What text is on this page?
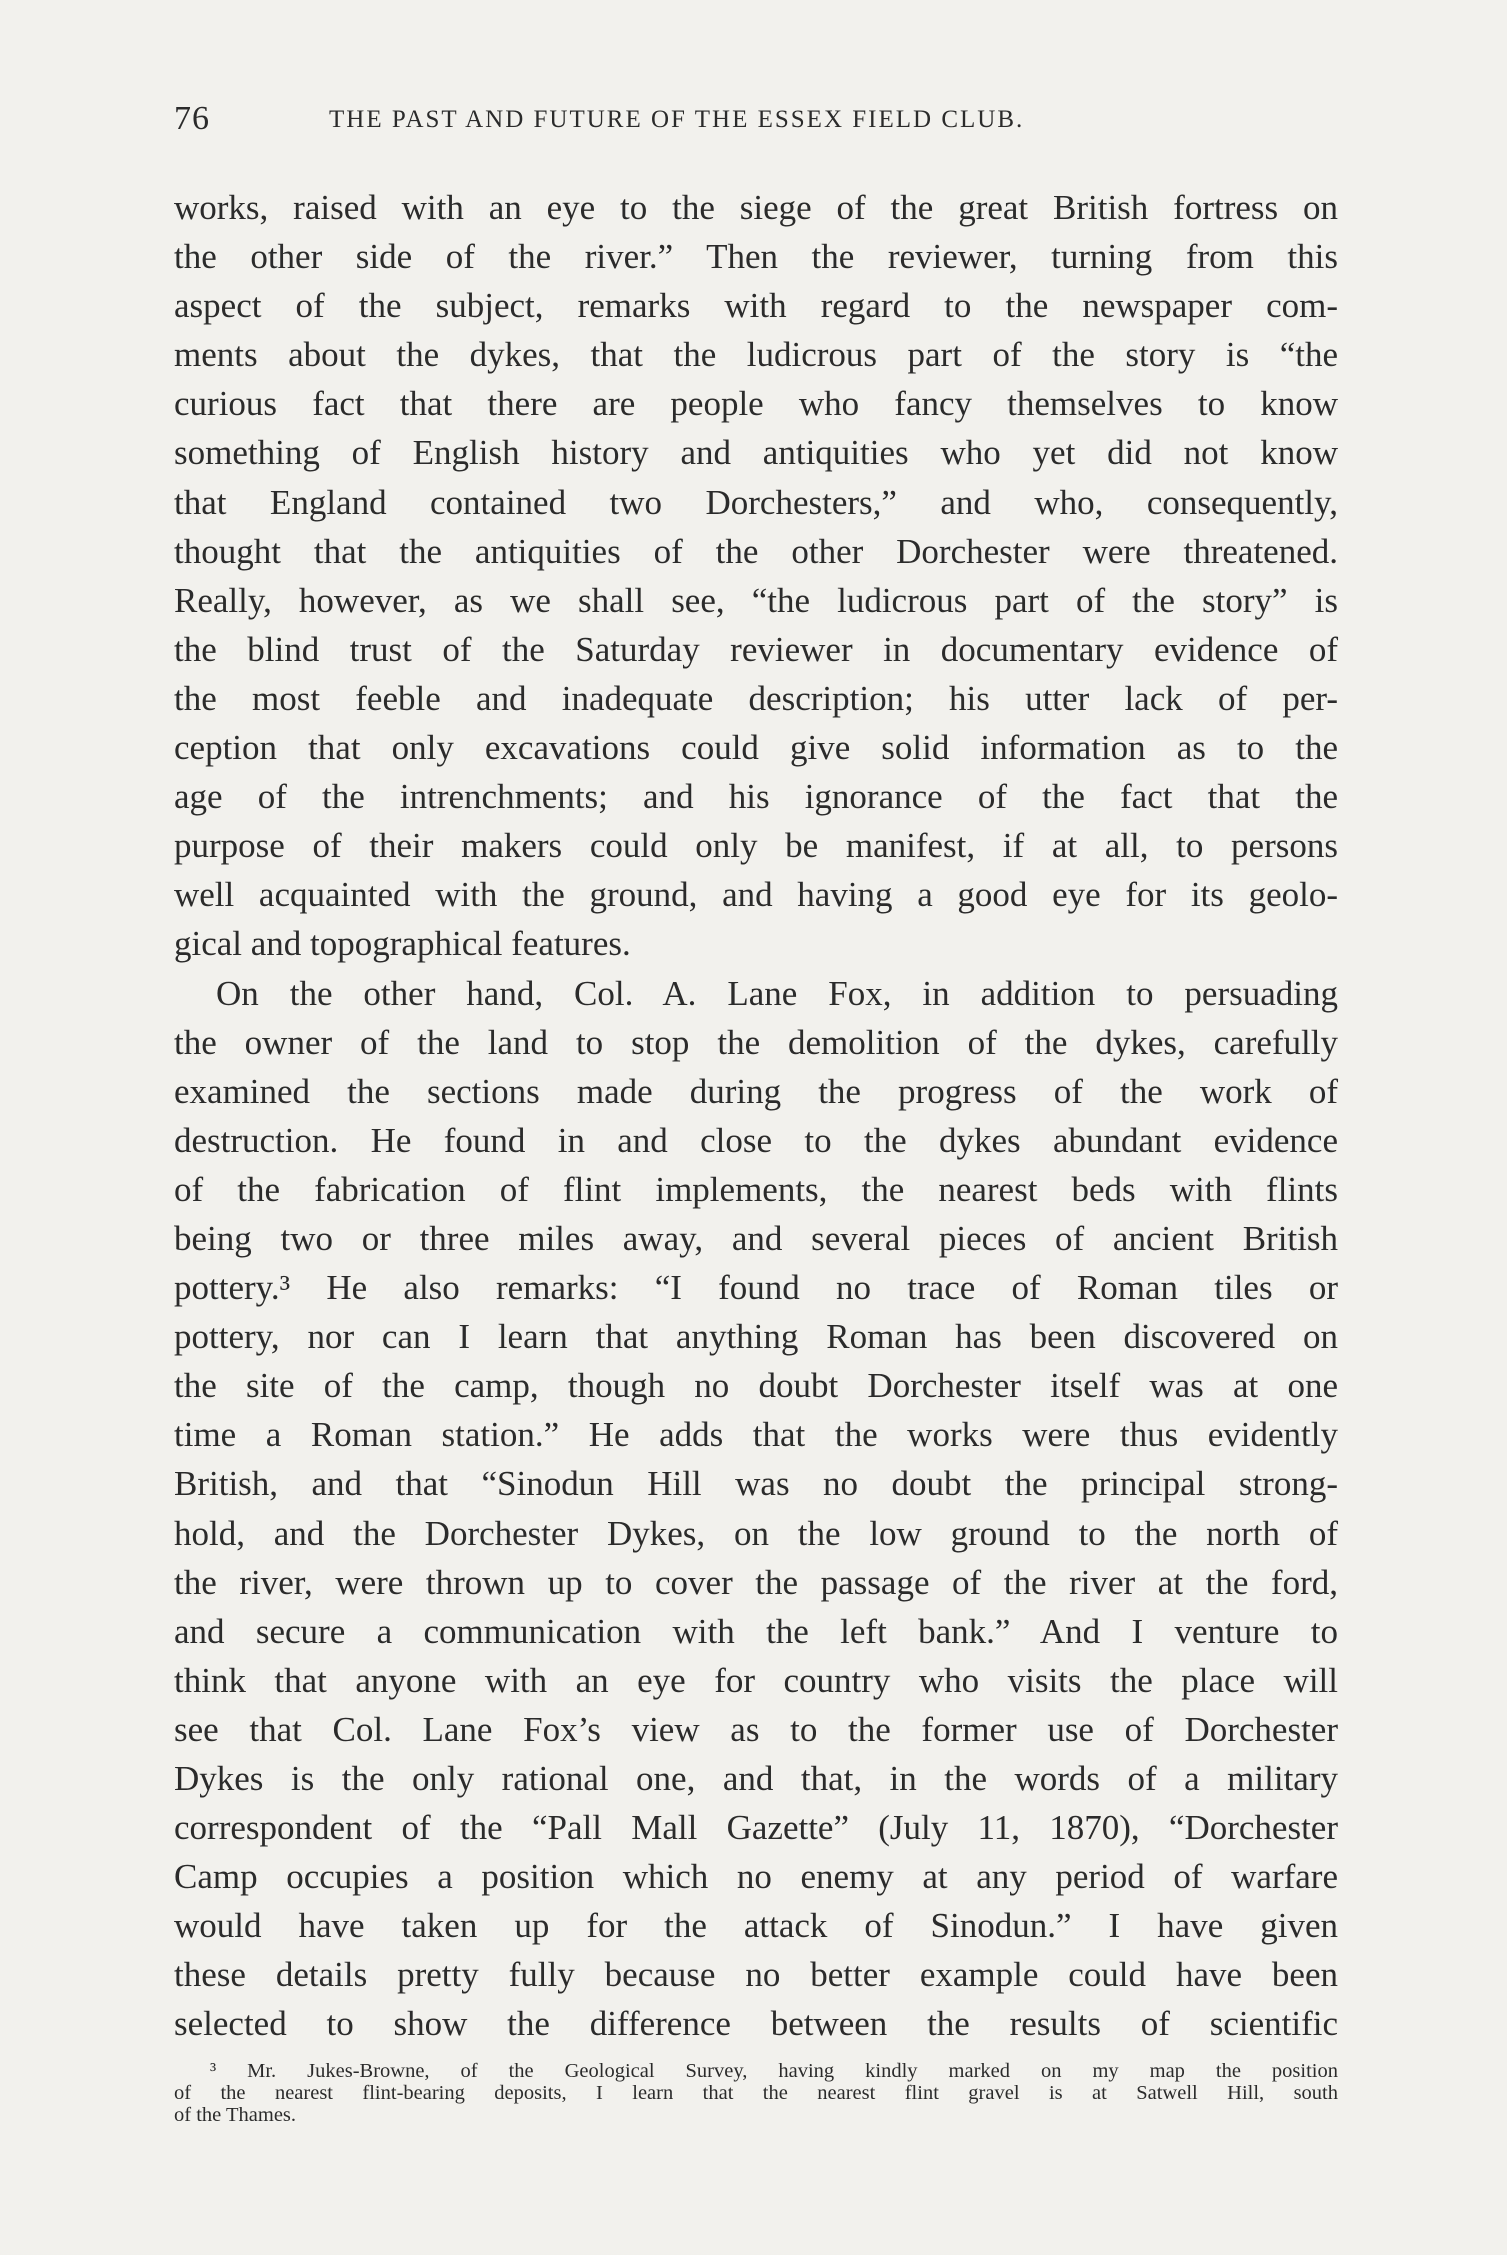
76	THE PAST AND FUTURE OF THE ESSEX FIELD CLUB.
works, raised with an eye to the siege of the great British fortress on
the other side of the river.” Then the reviewer, turning from this
aspect of the subject, remarks with regard to the newspaper com-
ments about the dykes, that the ludicrous part of the story is “the
curious fact that there are people who fancy themselves to know
something of English history and antiquities who yet did not know
that England contained two Dorchesters,” and who, consequently,
thought that the antiquities of the other Dorchester were threatened.
Really, however, as we shall see, “the ludicrous part of the story” is
the blind trust of the Saturday reviewer in documentary evidence of
the most feeble and inadequate description; his utter lack of per-
ception that only excavations could give solid information as to the
age of the intrenchments; and his ignorance of the fact that the
purpose of their makers could only be manifest, if at all, to persons
well acquainted with the ground, and having a good eye for its geolo-
gical and topographical features.
On the other hand, Col. A. Lane Fox, in addition to persuading
the owner of the land to stop the demolition of the dykes, carefully
examined the sections made during the progress of the work of
destruction. He found in and close to the dykes abundant evidence
of the fabrication of flint implements, the nearest beds with flints
being two or three miles away, and several pieces of ancient British
pottery.³ He also remarks: “I found no trace of Roman tiles or
pottery, nor can I learn that anything Roman has been discovered on
the site of the camp, though no doubt Dorchester itself was at one
time a Roman station.” He adds that the works were thus evidently
British, and that “Sinodun Hill was no doubt the principal strong-
hold, and the Dorchester Dykes, on the low ground to the north of
the river, were thrown up to cover the passage of the river at the ford,
and secure a communication with the left bank.” And I venture to
think that anyone with an eye for country who visits the place will
see that Col. Lane Fox’s view as to the former use of Dorchester
Dykes is the only rational one, and that, in the words of a military
correspondent of the “Pall Mall Gazette” (July 11, 1870), “Dorchester
Camp occupies a position which no enemy at any period of warfare
would have taken up for the attack of Sinodun.” I have given
these details pretty fully because no better example could have been
selected to show the difference between the results of scientific
³ Mr. Jukes-Browne, of the Geological Survey, having kindly marked on my map the position
of the nearest flint-bearing deposits, I learn that the nearest flint gravel is at Satwell Hill, south
of the Thames.
